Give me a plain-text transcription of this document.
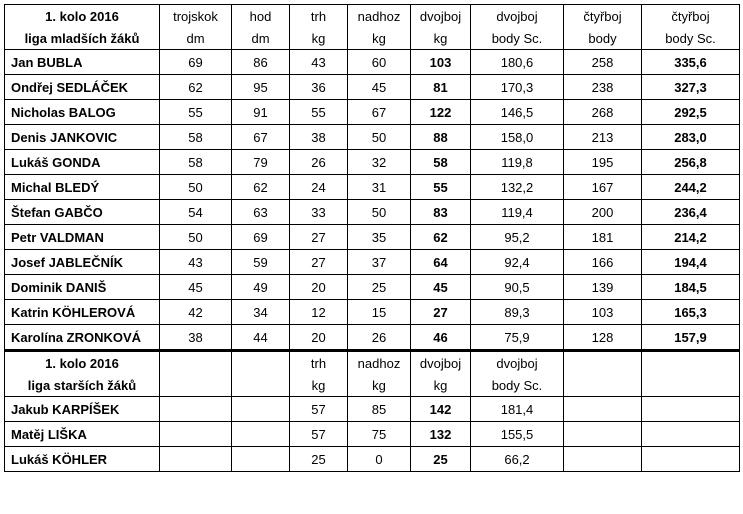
1. kolo 2016	trojskok	hod	trh	nadhoz	dvojboj	dvojboj	čtyřboj	čtyřboj
liga mladších žáků	dm	dm	kg	kg	kg	body Sc.	body	body Sc.
Jan BUBLA	69	86	43	60	103	180,6	258	335,6
Ondřej SEDLÁČEK	62	95	36	45	81	170,3	238	327,3
Nicholas BALOG	55	91	55	67	122	146,5	268	292,5
Denis JANKOVIC	58	67	38	50	88	158,0	213	283,0
Lukáš GONDA	58	79	26	32	58	119,8	195	256,8
Michal BLEDÝ	50	62	24	31	55	132,2	167	244,2
Štefan GABČO	54	63	33	50	83	119,4	200	236,4
Petr VALDMAN	50	69	27	35	62	95,2	181	214,2
Josef JABLEČNÍK	43	59	27	37	64	92,4	166	194,4
Dominik DANIŠ	45	49	20	25	45	90,5	139	184,5
Katrin KÖHLEROVÁ	42	34	12	15	27	89,3	103	165,3
Karolína ZRONKOVÁ	38	44	20	26	46	75,9	128	157,9
1. kolo 2016			trh	nadhoz	dvojboj	dvojboj		
liga starších žáků			kg	kg	kg	body Sc.		
Jakub KARPÍŠEK			57	85	142	181,4		
Matěj LIŠKA			57	75	132	155,5		
Lukáš KÖHLER			25	0	25	66,2		
